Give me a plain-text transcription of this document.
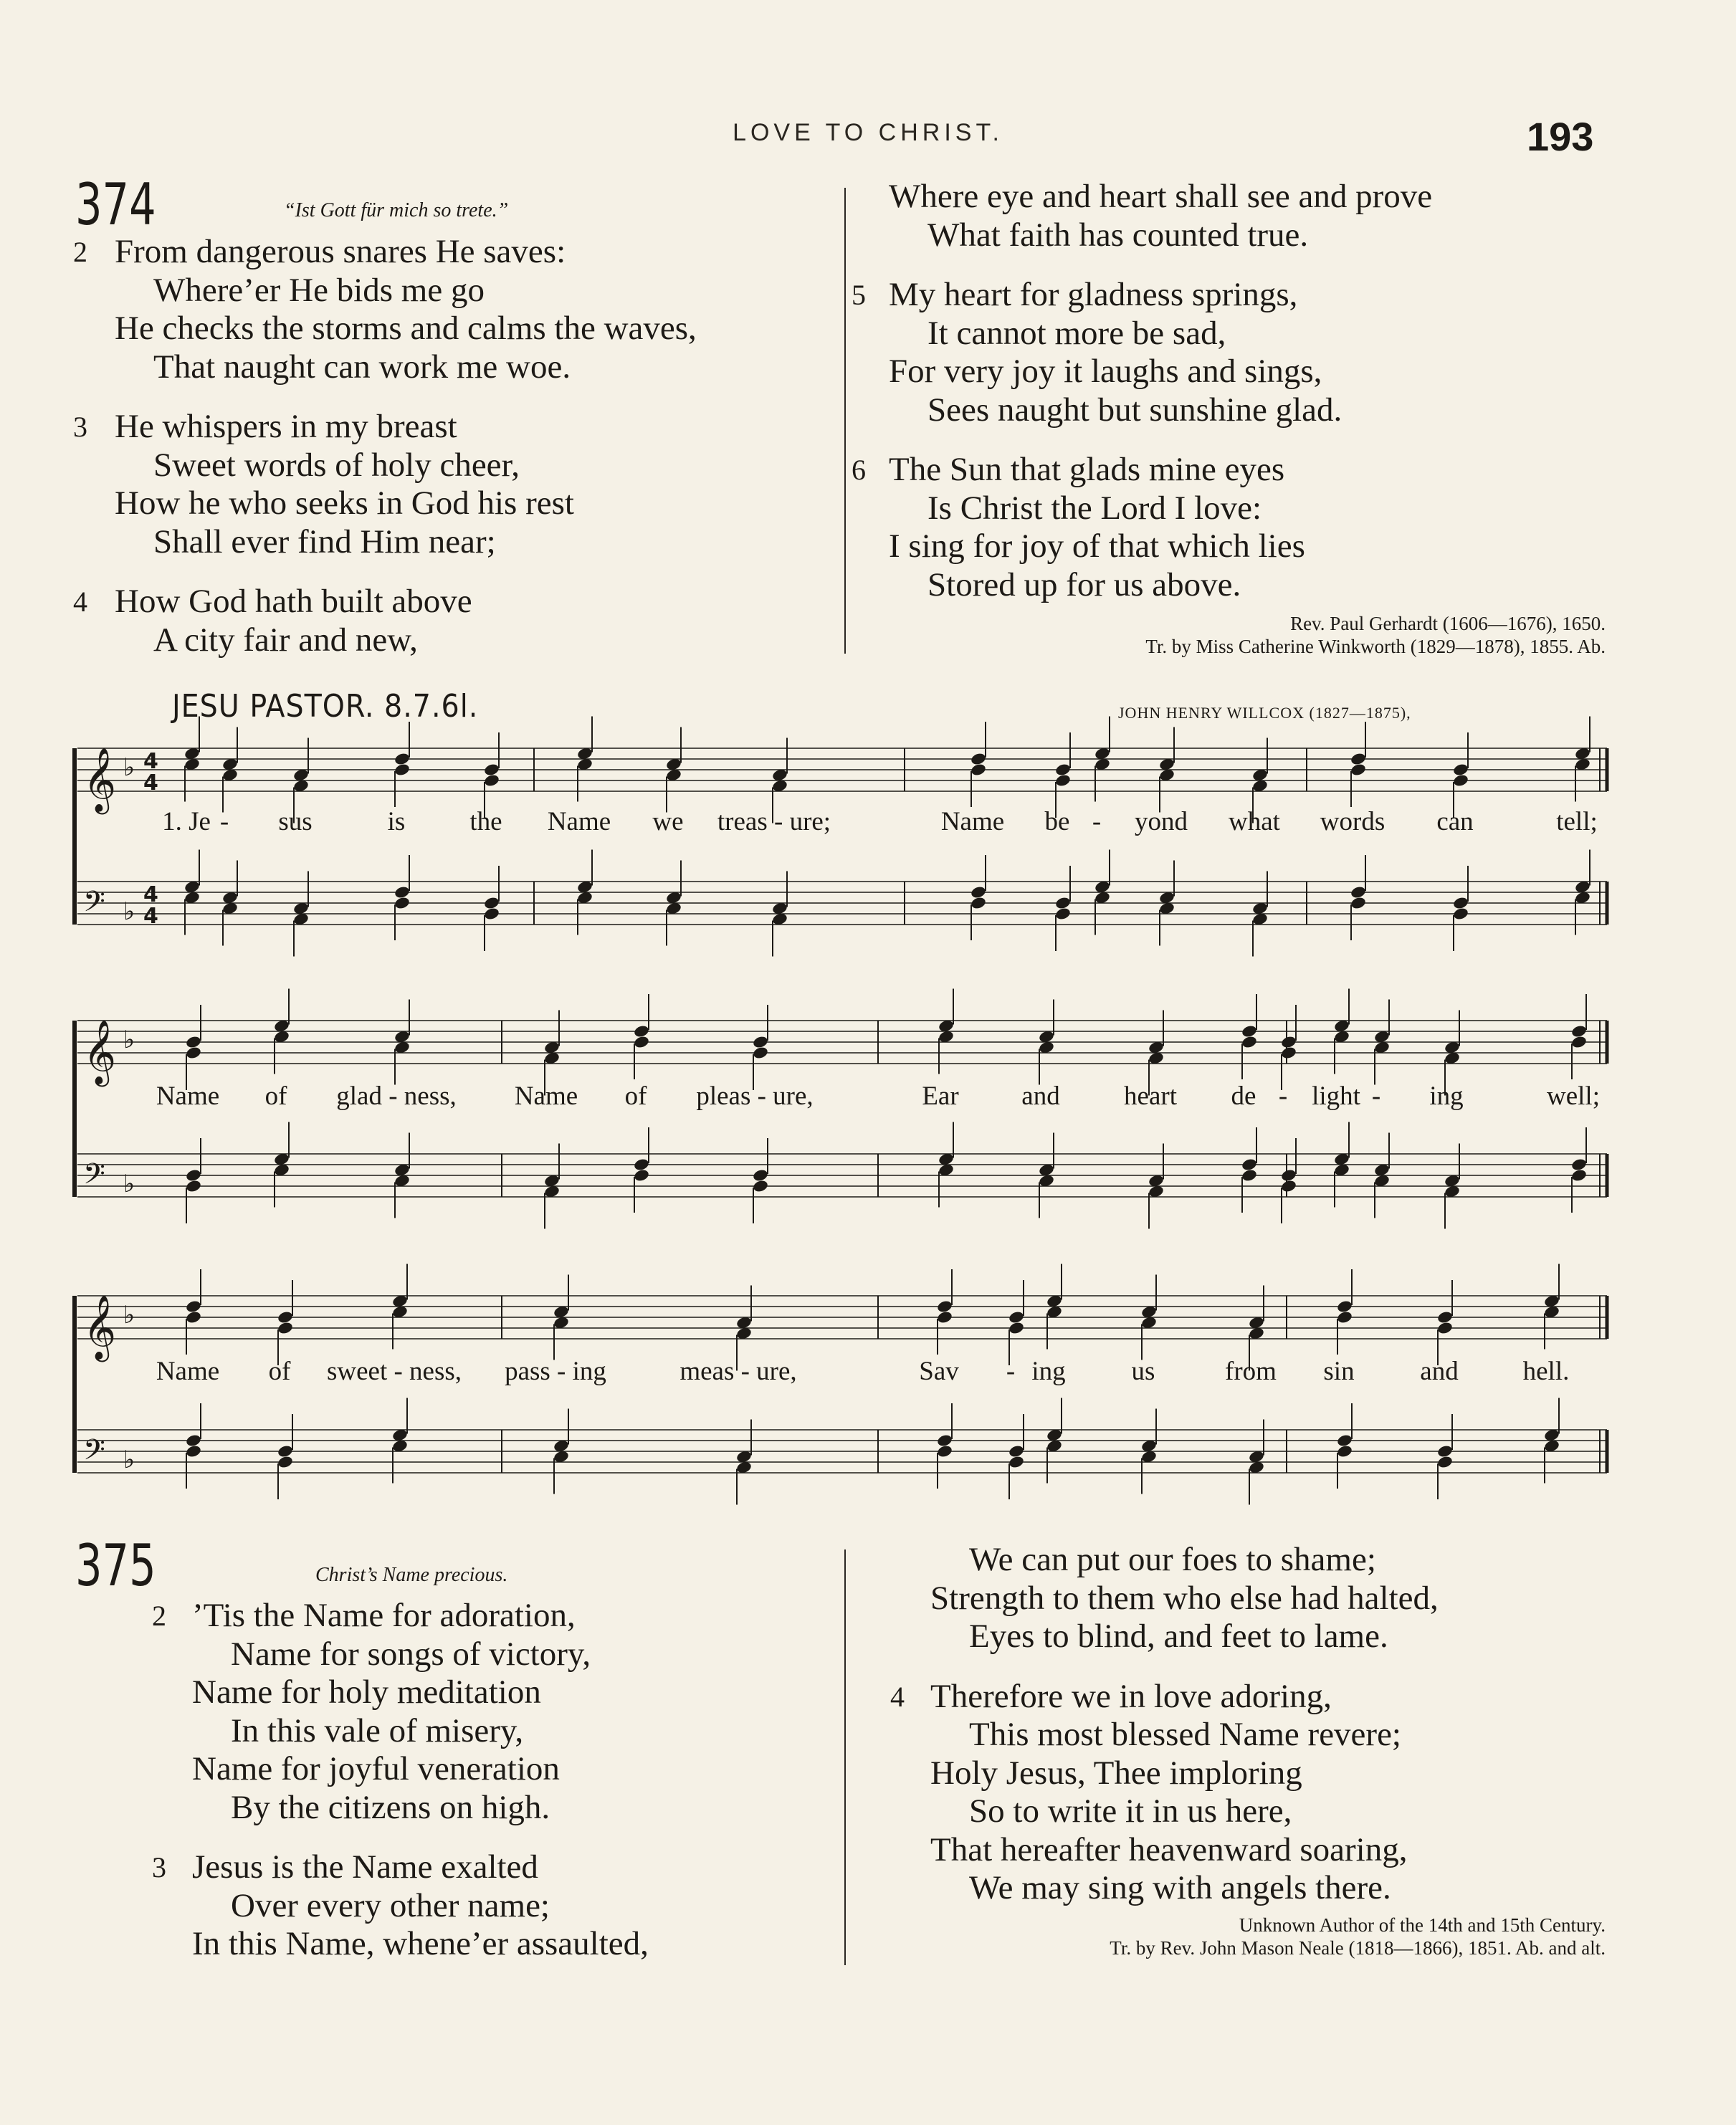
LOVE TO CHRIST.	193
374	“Ist Gott für mich so trete.”
2 From dangerous snares He saves:
Where’er He bids me go
He checks the storms and calms the waves,
That naught can work me woe.
3 He whispers in my breast
Sweet words of holy cheer,
How he who seeks in God his rest
Shall ever find Him near;
4 How God hath built above
A city fair and new,
Where eye and heart shall see and prove
What faith has counted true.
5 My heart for gladness springs,
It cannot more be sad,
For very joy it laughs and sings,
Sees naught but sunshine glad.
6 The Sun that glads mine eyes
Is Christ the Lord I love:
I sing for joy of that which lies
Stored up for us above.
Rev. Paul Gerhardt (1606—1676), 1650.
Tr. by Miss Catherine Winkworth (1829—1878), 1855. Ab.
JESU PASTOR. 8.7.6l.	JOHN HENRY WILLCOX (1827—1875),
𝄞 ♭
𝄢 ♭
𝄞 ♭
𝄢 ♭
𝄞 ♭
𝄢 ♭
4
4
4
4
1. Je - sus	is the Name we treas - ure;	Name be - yond what words can	tell;
Name of glad - ness, Name of pleas - ure,	Ear and heart de - light - ing	well;
Name of sweet - ness, pass - ing	meas - ure,	Sav - ing us	from sin and hell.
375	Christ’s Name precious.
2 ’Tis the Name for adoration,
Name for songs of victory,
Name for holy meditation
In this vale of misery,
Name for joyful veneration
By the citizens on high.
3 Jesus is the Name exalted
Over every other name;
In this Name, whene’er assaulted,
We can put our foes to shame;
Strength to them who else had halted,
Eyes to blind, and feet to lame.
4 Therefore we in love adoring,
This most blessed Name revere;
Holy Jesus, Thee imploring
So to write it in us here,
That hereafter heavenward soaring,
We may sing with angels there.
Unknown Author of the 14th and 15th Century.
Tr. by Rev. John Mason Neale (1818—1866), 1851. Ab. and alt.
